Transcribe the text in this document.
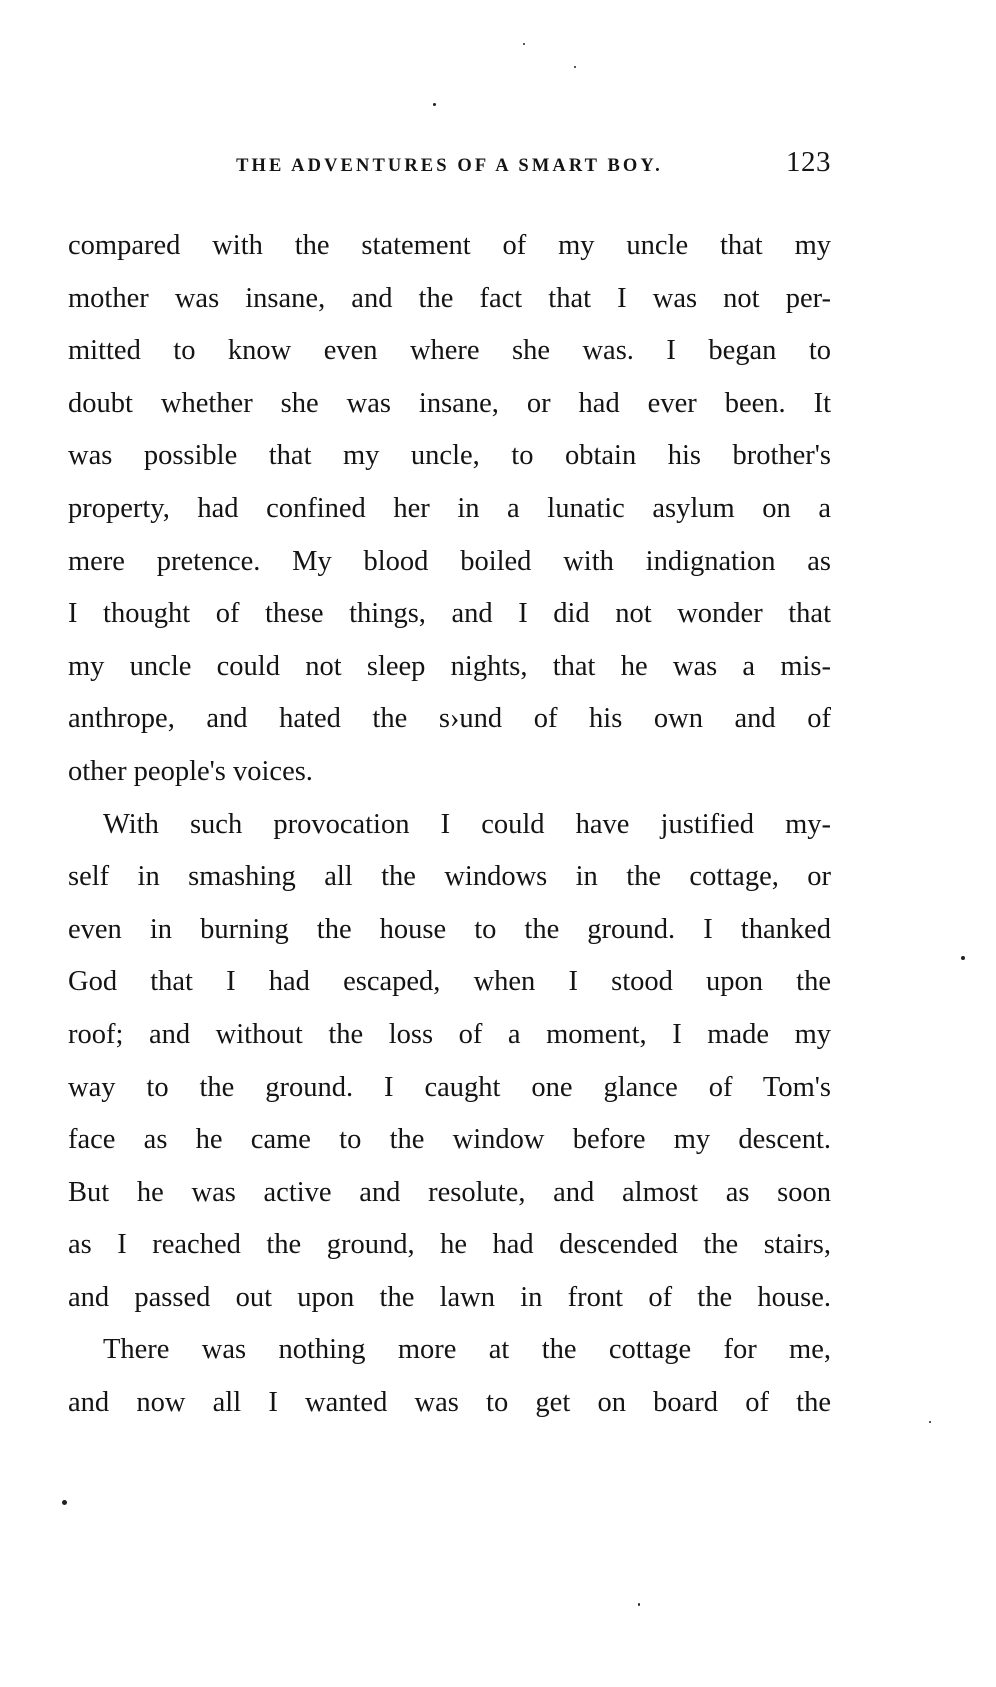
THE ADVENTURES OF A SMART BOY.	123
compared with the statement of my uncle that my
mother was insane, and the fact that I was not per-
mitted to know even where she was. I began to
doubt whether she was insane, or had ever been. It
was possible that my uncle, to obtain his brother's
property, had confined her in a lunatic asylum on a
mere pretence. My blood boiled with indignation as
I thought of these things, and I did not wonder that
my uncle could not sleep nights, that he was a mis-
anthrope, and hated the s›und of his own and of
other people's voices.
With such provocation I could have justified my-
self in smashing all the windows in the cottage, or
even in burning the house to the ground. I thanked
God that I had escaped, when I stood upon the
roof; and without the loss of a moment, I made my
way to the ground. I caught one glance of Tom's
face as he came to the window before my descent.
But he was active and resolute, and almost as soon
as I reached the ground, he had descended the stairs,
and passed out upon the lawn in front of the house.
There was nothing more at the cottage for me,
and now all I wanted was to get on board of the
